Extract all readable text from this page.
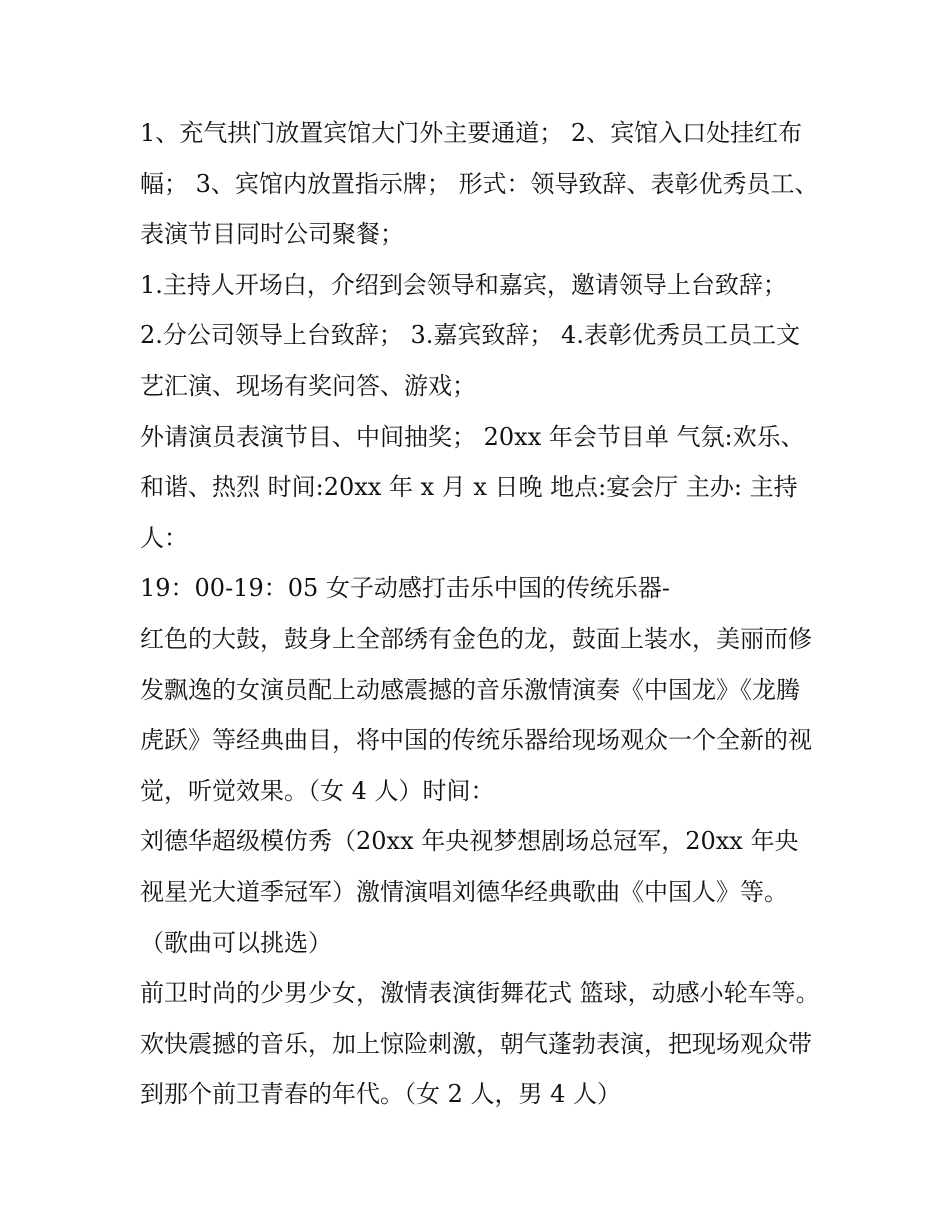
1、充气拱门放置宾馆大门外主要通道； 2、宾馆入口处挂红布幅； 3、宾馆内放置指示牌； 形式：领导致辞、表彰优秀员工、表演节目同时公司聚餐；

1.主持人开场白，介绍到会领导和嘉宾，邀请领导上台致辞；

2.分公司领导上台致辞； 3.嘉宾致辞； 4.表彰优秀员工员工文艺汇演、现场有奖问答、游戏；

外请演员表演节目、中间抽奖； 20xx 年会节目单 气氛:欢乐、和谐、热烈 时间:20xx 年 x 月 x 日晚 地点:宴会厅 主办: 主持人：

19：00-19：05 女子动感打击乐中国的传统乐器-

红色的大鼓，鼓身上全部绣有金色的龙，鼓面上装水，美丽而修发飘逸的女演员配上动感震撼的音乐激情演奏《中国龙》《龙腾虎跃》等经典曲目，将中国的传统乐器给现场观众一个全新的视觉，听觉效果。（女 4 人）时间：

刘德华超级模仿秀（20xx 年央视梦想剧场总冠军，20xx 年央视星光大道季冠军）激情演唱刘德华经典歌曲《中国人》等。（歌曲可以挑选）

前卫时尚的少男少女，激情表演街舞花式 篮球，动感小轮车等。欢快震撼的音乐，加上惊险刺激，朝气蓬勃表演，把现场观众带到那个前卫青春的年代。（女 2 人，男 4 人）
